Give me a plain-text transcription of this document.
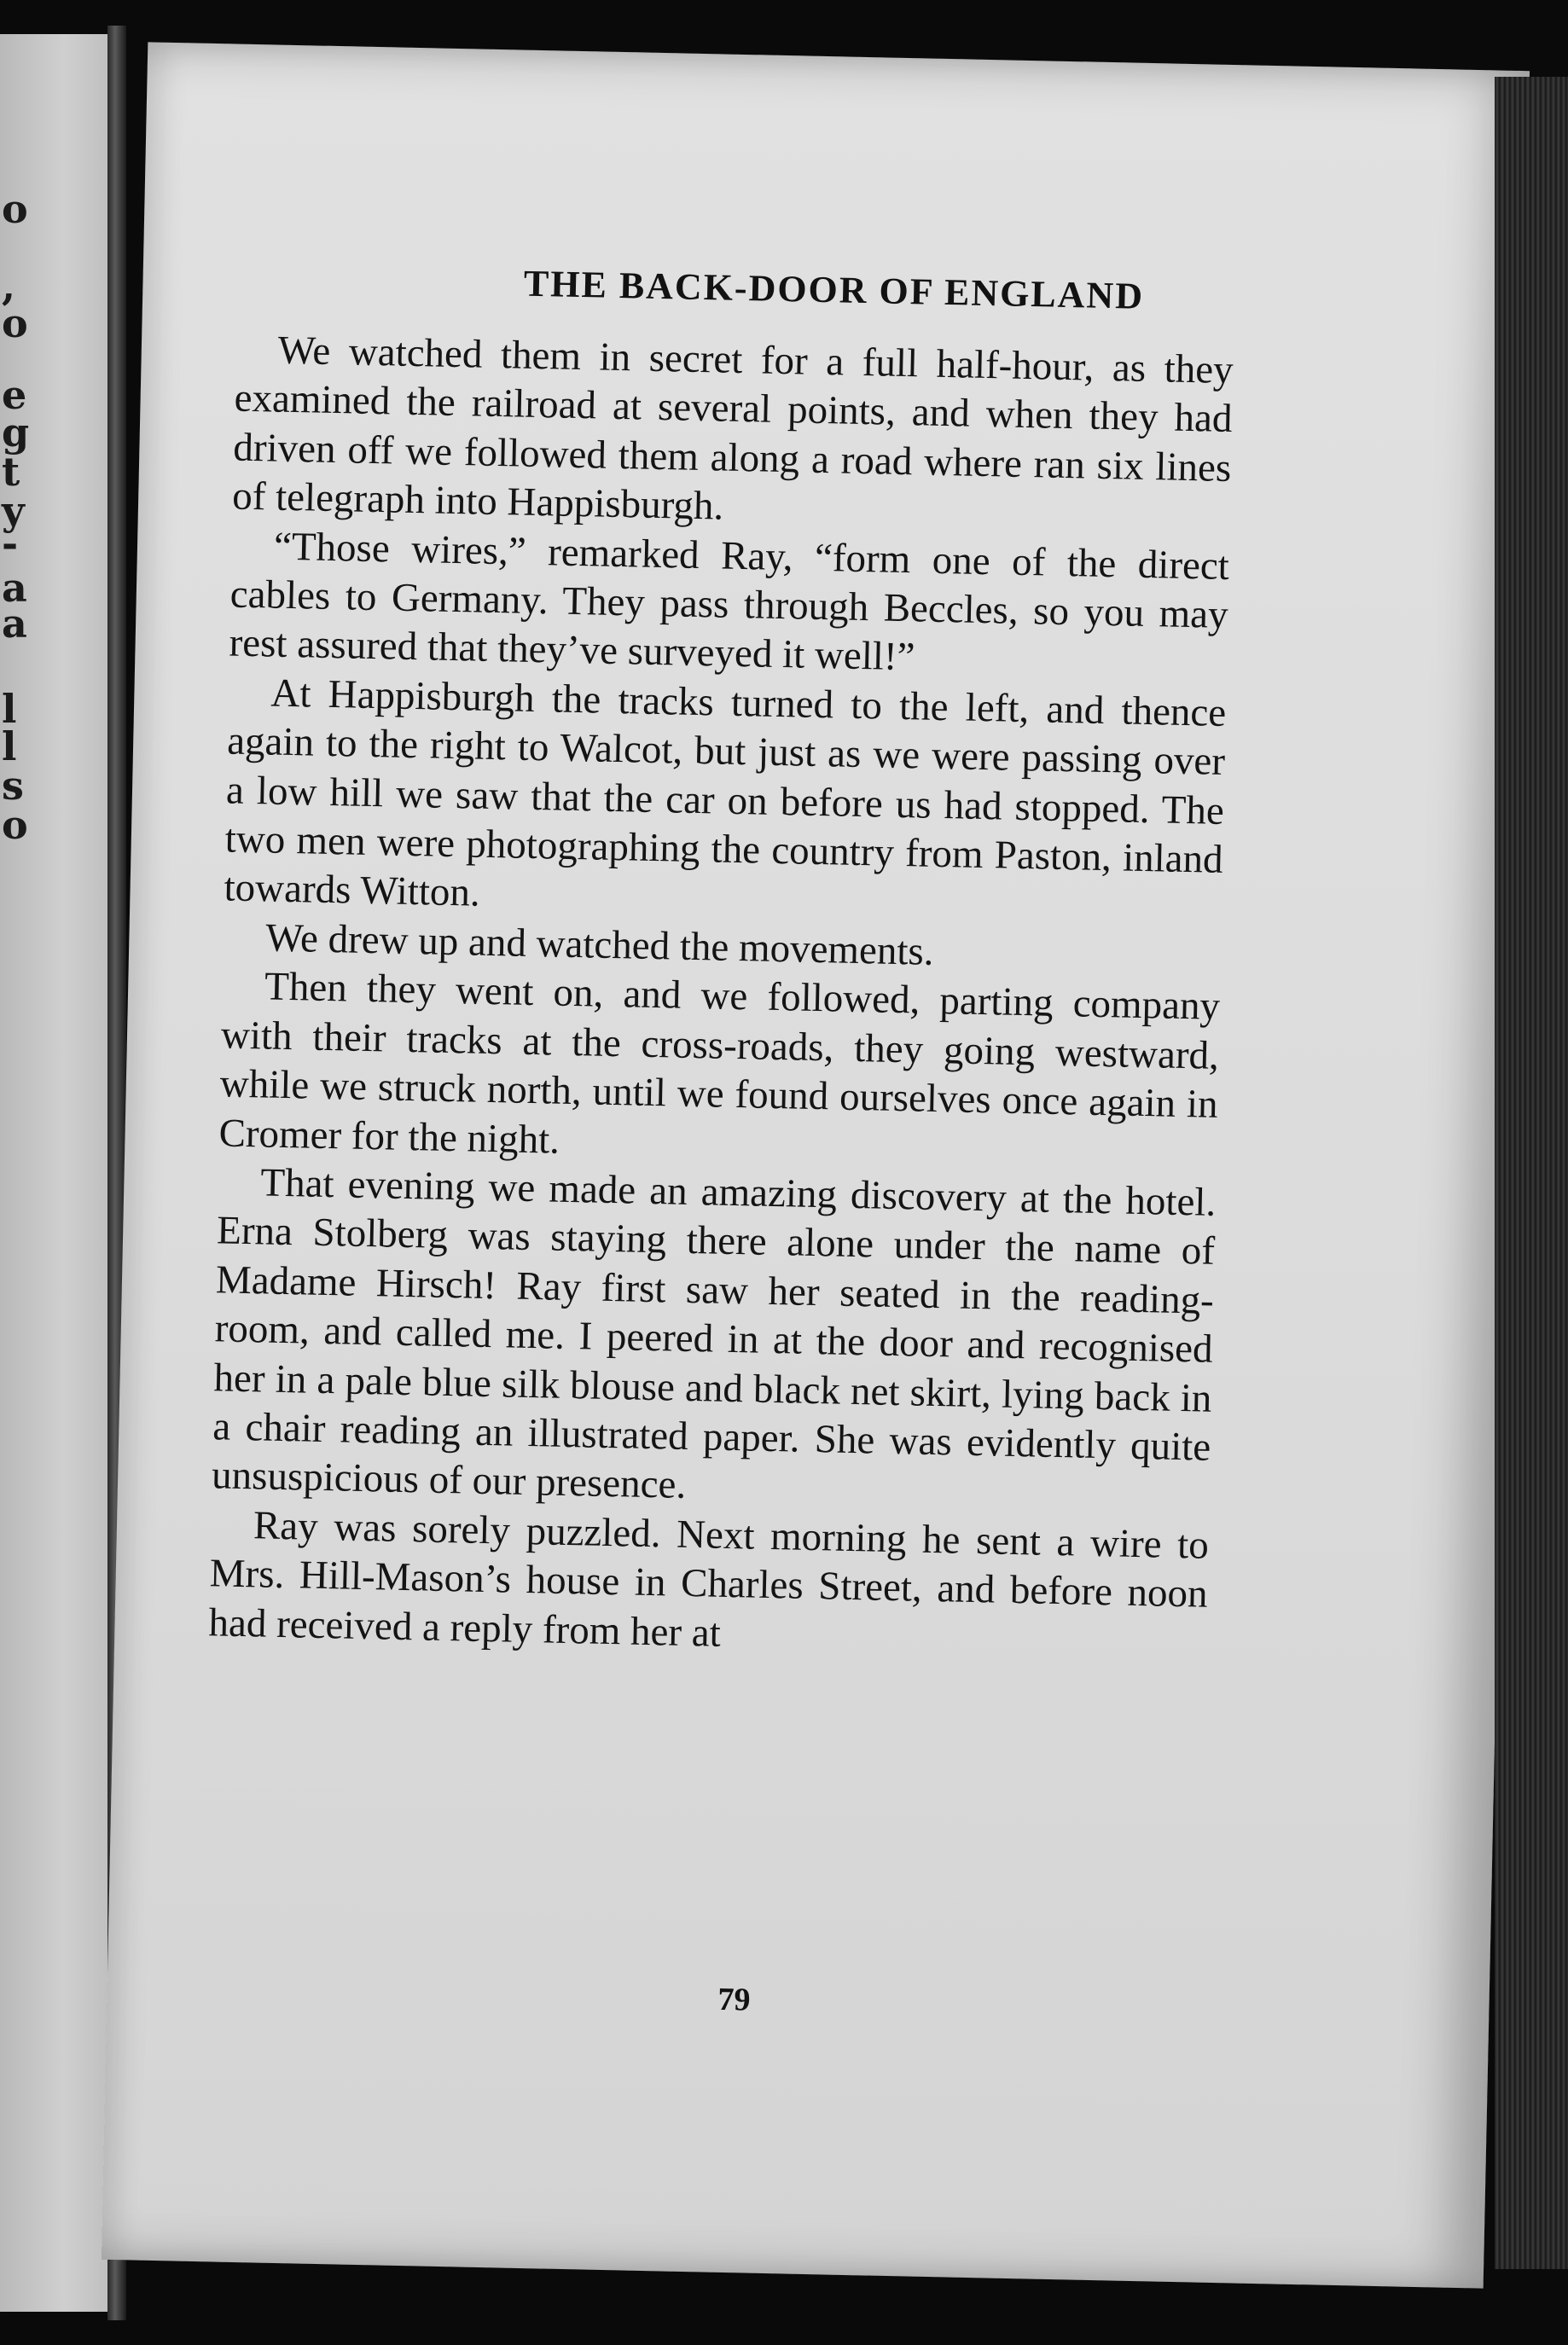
o
,
o
e
g
t
y
-
a
a
l
l
s
o
THE BACK-DOOR OF ENGLAND

We watched them in secret for a full half-hour, as they examined the railroad at several points, and when they had driven off we followed them along a road where ran six lines of telegraph into Happisburgh.

“Those wires,” remarked Ray, “form one of the direct cables to Germany. They pass through Beccles, so you may rest assured that they’ve surveyed it well!”

At Happisburgh the tracks turned to the left, and thence again to the right to Walcot, but just as we were passing over a low hill we saw that the car on before us had stopped. The two men were photographing the country from Paston, inland towards Witton.

We drew up and watched the movements.

Then they went on, and we followed, parting company with their tracks at the cross-roads, they going westward, while we struck north, until we found ourselves once again in Cromer for the night.

That evening we made an amazing discovery at the hotel. Erna Stolberg was staying there alone under the name of Madame Hirsch! Ray first saw her seated in the reading-room, and called me. I peered in at the door and recognised her in a pale blue silk blouse and black net skirt, lying back in a chair reading an illustrated paper. She was evidently quite unsuspicious of our presence.

Ray was sorely puzzled. Next morning he sent a wire to Mrs. Hill-Mason’s house in Charles Street, and before noon had received a reply from her at

79
